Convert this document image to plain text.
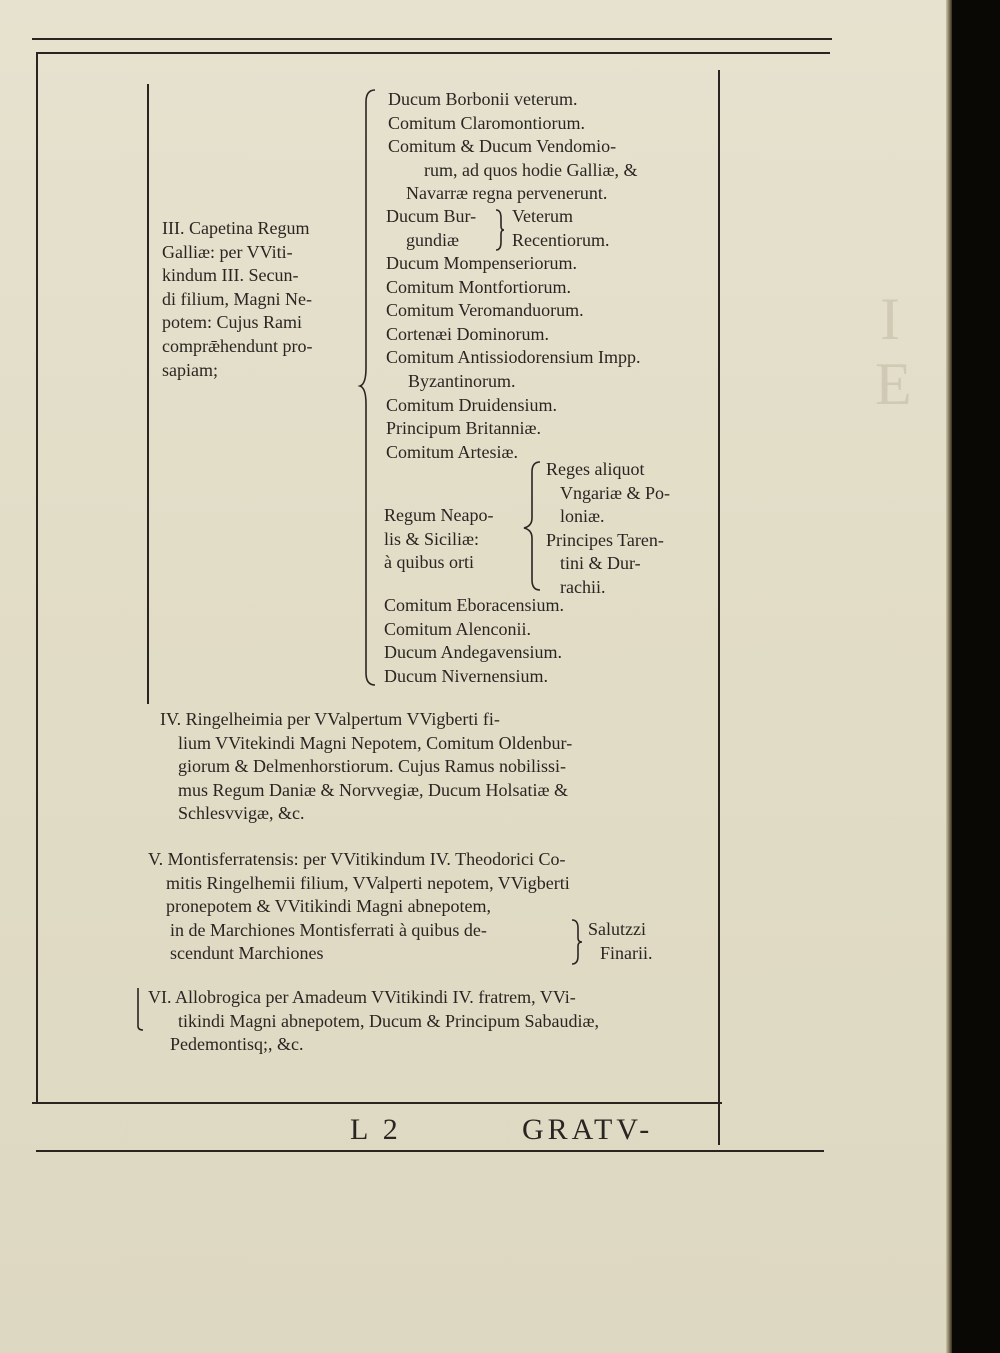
I
E
III. Capetina Regum
Galliæ: per VViti-
kindum III. Secun-
di filium, Magni Ne-
potem: Cujus Rami
comprǣhendunt pro-
sapiam;
Ducum Borbonii veterum.
Comitum Claromontiorum.
Comitum & Ducum Vendomio-
rum, ad quos hodie Galliæ, &
Navarræ regna pervenerunt.
Ducum Bur-
gundiæ
Veterum
Recentiorum.
Ducum Mompenseriorum.
Comitum Montfortiorum.
Comitum Veromanduorum.
Cortenæi Dominorum.
Comitum Antissiodorensium Impp.
Byzantinorum.
Comitum Druidensium.
Principum Britanniæ.
Comitum Artesiæ.
Regum Neapo-
lis & Siciliæ:
à quibus orti
Reges aliquot
Vngariæ & Po-
loniæ.
Principes Taren-
tini & Dur-
rachii.
Comitum Eboracensium.
Comitum Alenconii.
Ducum Andegavensium.
Ducum Nivernensium.
IV. Ringelheimia per VValpertum VVigberti fi-
lium VVitekindi Magni Nepotem, Comitum Oldenbur-
giorum & Delmenhorstiorum. Cujus Ramus nobilissi-
mus Regum Daniæ & Norvvegiæ, Ducum Holsatiæ &
Schlesvvigæ, &c.
V. Montisferratensis: per VVitikindum IV. Theodorici Co-
mitis Ringelhemii filium, VValperti nepotem, VVigberti
pronepotem & VVitikindi Magni abnepotem,
in de Marchiones Montisferrati à quibus de-
scendunt Marchiones
Salutzzi
Finarii.
VI. Allobrogica per Amadeum VVitikindi IV. fratrem, VVi-
tikindi Magni abnepotem, Ducum & Principum Sabaudiæ,
Pedemontisq;, &c.
L 2	GRATV-
